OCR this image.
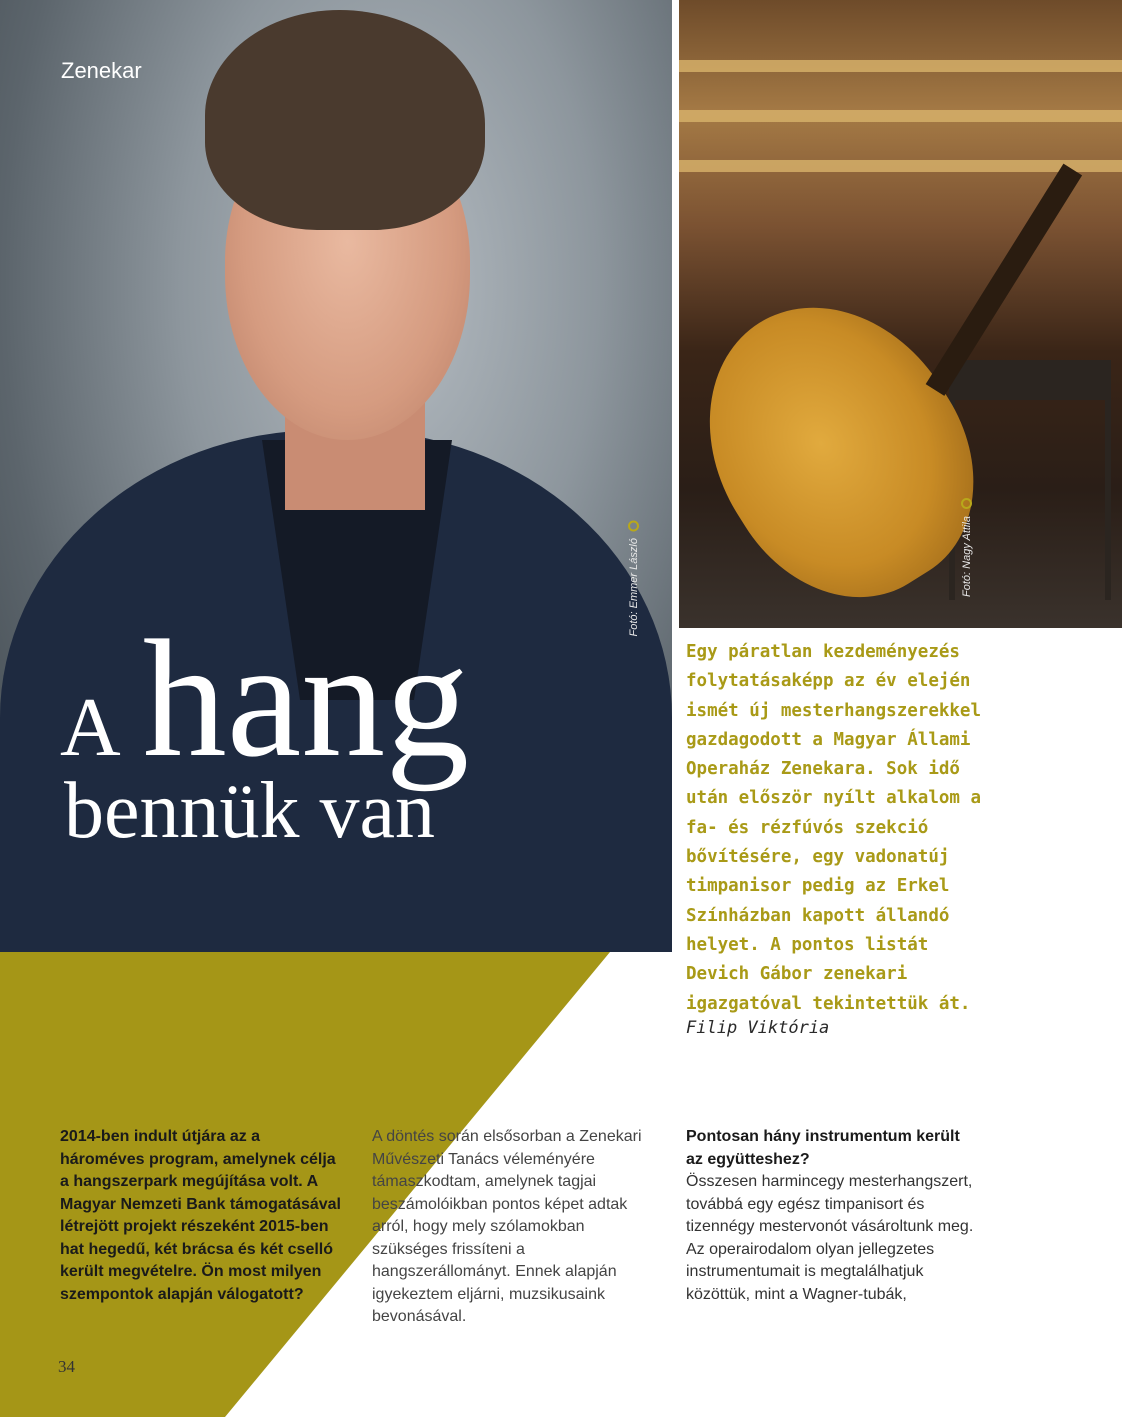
Fotó: Emmer László	Fotó: Nagy Attila
Zenekar
A hang
bennük van

Egy páratlan kezdeményezés folytatásaképp az év elején ismét új mesterhangszerekkel gazdagodott a Magyar Állami Operaház Zenekara. Sok idő után először nyílt alkalom a fa- és rézfúvós szekció bővítésére, egy vadonatúj timpanisor pedig az Erkel Színházban kapott állandó helyet. A pontos listát Devich Gábor zenekari igazgatóval tekintettük át.

Filip Viktória

2014-ben indult útjára az a hároméves program, amelynek célja a hangszerpark megújítása volt. A Magyar Nemzeti Bank támogatásával létrejött projekt részeként 2015-ben hat hegedű, két brácsa és két cselló került megvételre. Ön most milyen szempontok alapján válogatott?

A döntés során elsősorban a Zenekari Művészeti Tanács véleményére támaszkodtam, amelynek tagjai beszámolóikban pontos képet adtak arról, hogy mely szólamokban szükséges frissíteni a hangszerállományt. Ennek alapján igyekeztem eljárni, muzsikusaink bevonásával.

Pontosan hány instrumentum került az együtteshez?

Összesen harmincegy mesterhangszert, továbbá egy egész timpanisort és tizennégy mestervonót vásároltunk meg. Az operairodalom olyan jellegzetes instrumentumait is megtalálhatjuk közöttük, mint a Wagner-tubák,

34
